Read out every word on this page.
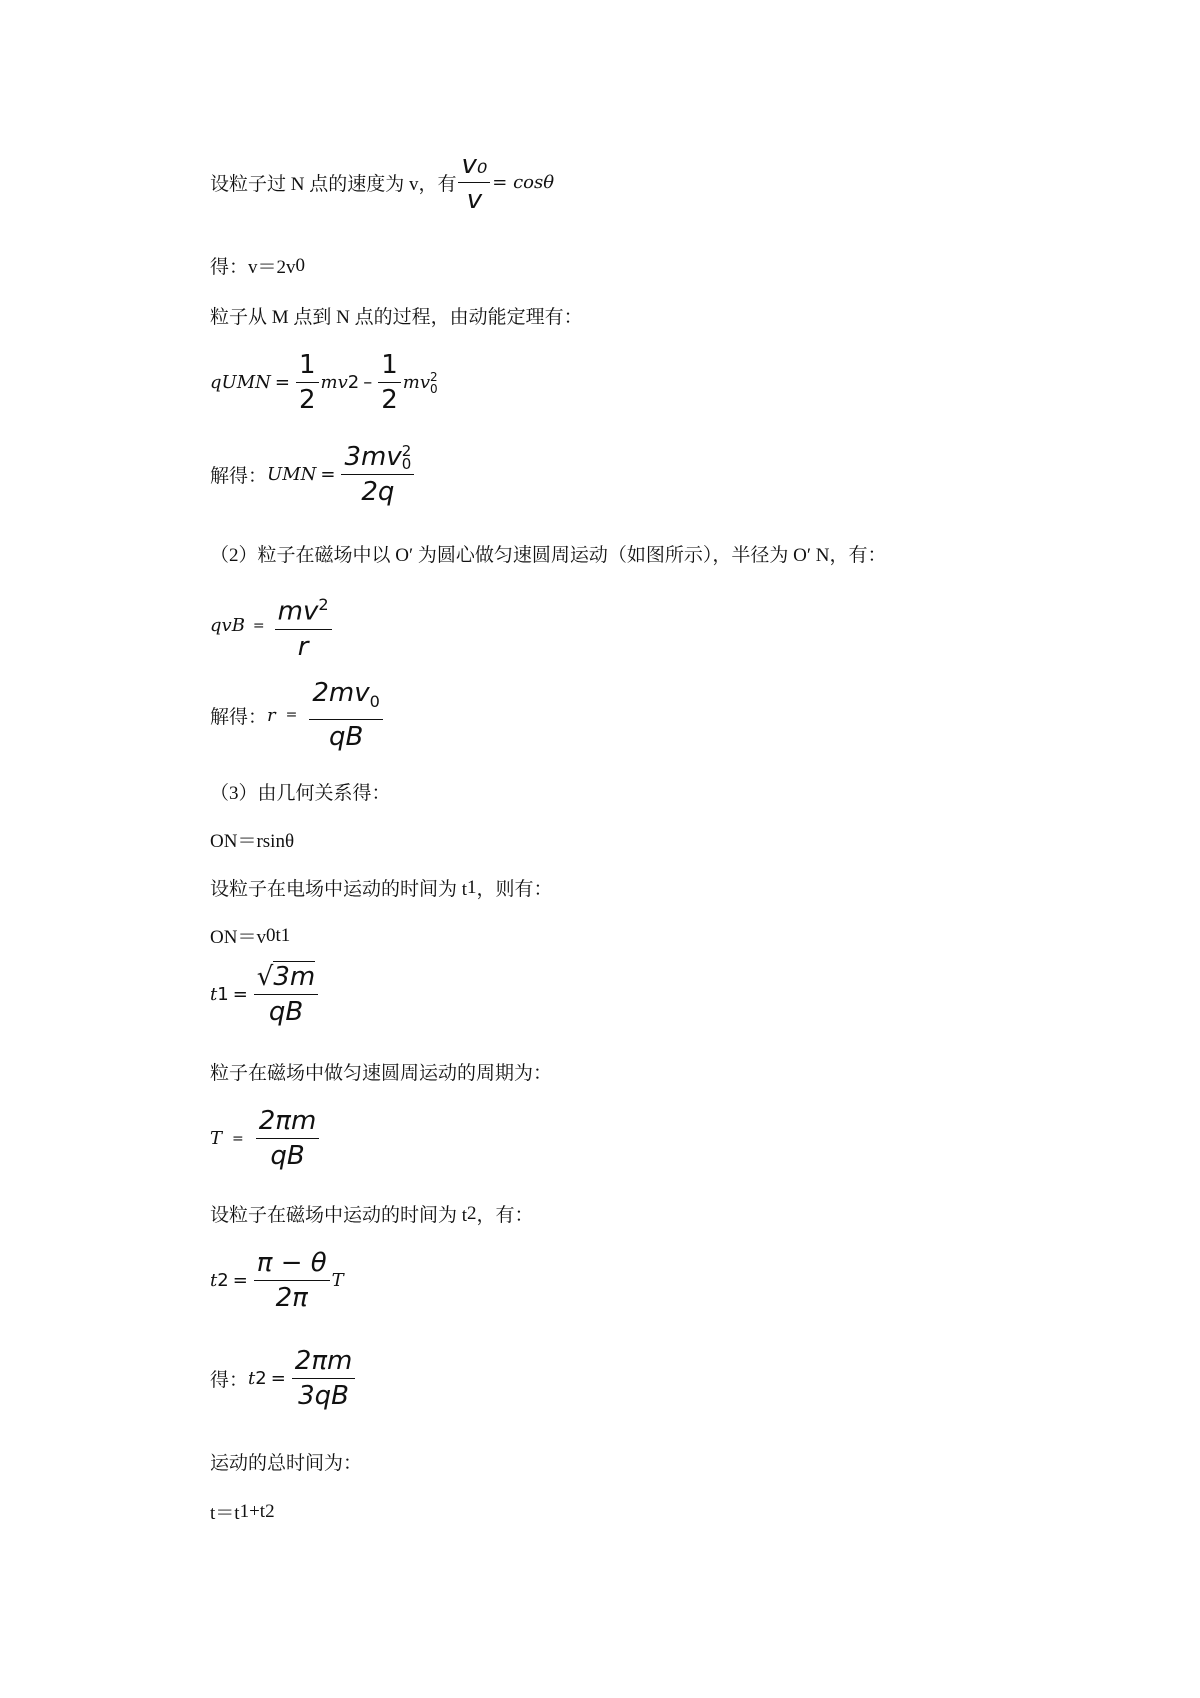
设粒子过 N 点的速度为 v，有 $\frac{\text{v₀}}{v} = \cos\theta$
得：v＝2v 0
粒子从 M 点到 N 点的过程，由动能定理有：
qU MN = $\frac{1}{2}$ mv $2 - \frac{1}{2}$ mv 2
0
解得： U MN = 3mv 2
0
2q
（2）粒子在磁场中以 O′ 为圆心做匀速圆周运动（如图所示），半径为 O′ N，有：
qvB = $\frac{mv^2}{r}$
解得： $r = \frac{2mv_0}{qB}$
（3）由几何关系得：
ON＝rsinθ
设粒子在电场中运动的时间为 t 1 ，则有：
ON＝v 0 t 1
t $1 = \frac{√3m}{qB}$
粒子在磁场中做匀速圆周运动的周期为：
$T = \frac{2\pi m}{qB}$
设粒子在磁场中运动的时间为 t 2 ，有：
t $2 = \frac{\pi - \theta}{2\pi}$ T
得： t $2 = \frac{2\pi m}{3qB}$
运动的总时间为：
t＝t 1 +t 2
